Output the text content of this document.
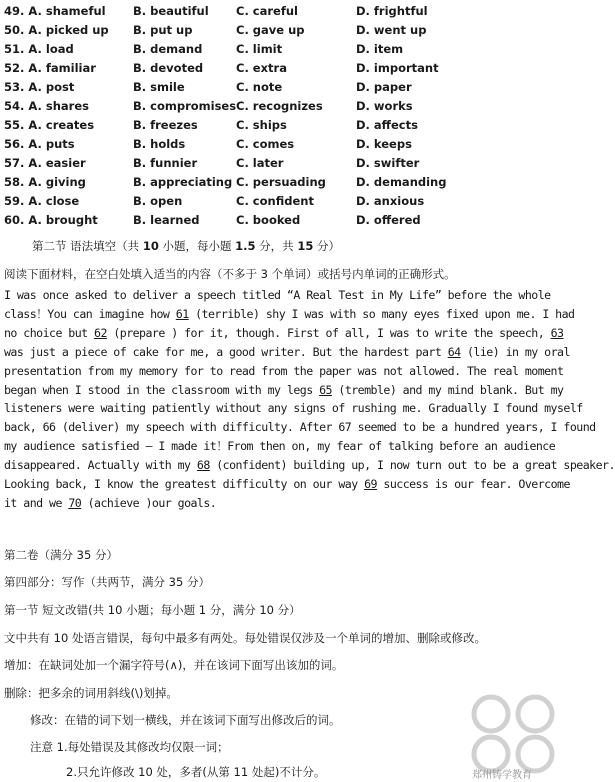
49. A. shameful B. beautiful C. careful	D. frightful
50. A. picked up B. put up	C. gave up	D. went up
51. A. load	B. demand	C. limit	D. item
52. A. familiar	B. devoted	C. extra	D. important
53. A. post	B. smile	C. note	D. paper
54. A. shares	B. compromises C. recognizes	D. works
55. A. creates	B. freezes	C. ships	D. affects
56. A. puts	B. holds	C. comes	D. keeps
57. A. easier	B. funnier	C. later	D. swifter
58. A. giving	B. appreciating C. persuading	D. demanding
59. A. close	B. open	C. confident	D. anxious
60. A. brought	B. learned	C. booked	D. offered
第二节 语法填空（共 10 小题，每小题 1.5 分，共 15 分）
阅读下面材料，在空白处填入适当的内容（不多于 3 个单词）或括号内单词的正确形式。
I was once asked to deliver a speech titled “A Real Test in My Life” before the whole
class！You can imagine how 61 (terrible) shy I was with so many eyes fixed upon me. I had
no choice but 62 (prepare ) for it, though. First of all, I was to write the speech, 63
was just a piece of cake for me, a good writer. But the hardest part 64 (lie) in my oral
presentation from my memory for to read from the paper was not allowed. The real moment
began when I stood in the classroom with my legs 65 (tremble) and my mind blank. But my
listeners were waiting patiently without any signs of rushing me. Gradually I found myself
back, 66 (deliver) my speech with difficulty. After 67 seemed to be a hundred years, I found
my audience satisfied — I made it！From then on, my fear of talking before an audience
disappeared. Actually with my 68 (confident) building up, I now turn out to be a great speaker.
Looking back, I know the greatest difficulty on our way 69 success is our fear. Overcome
it and we 70 (achieve )our goals.
第二卷（满分 35 分）
第四部分：写作（共两节，满分 35 分）
第一节 短文改错(共 10 小题；每小题 1 分，满分 10 分）
文中共有 10 处语言错误，每句中最多有两处。每处错误仅涉及一个单词的增加、删除或修改。
增加：在缺词处加一个漏字符号(∧)，并在该词下面写出该加的词。
删除：把多余的词用斜线(\)划掉。
修改：在错的词下划一横线，并在该词下面写出修改后的词。
注意 1.每处错误及其修改均仅限一词；
2.只允许修改 10 处，多者(从第 11 处起)不计分。	郑州铸学教育
